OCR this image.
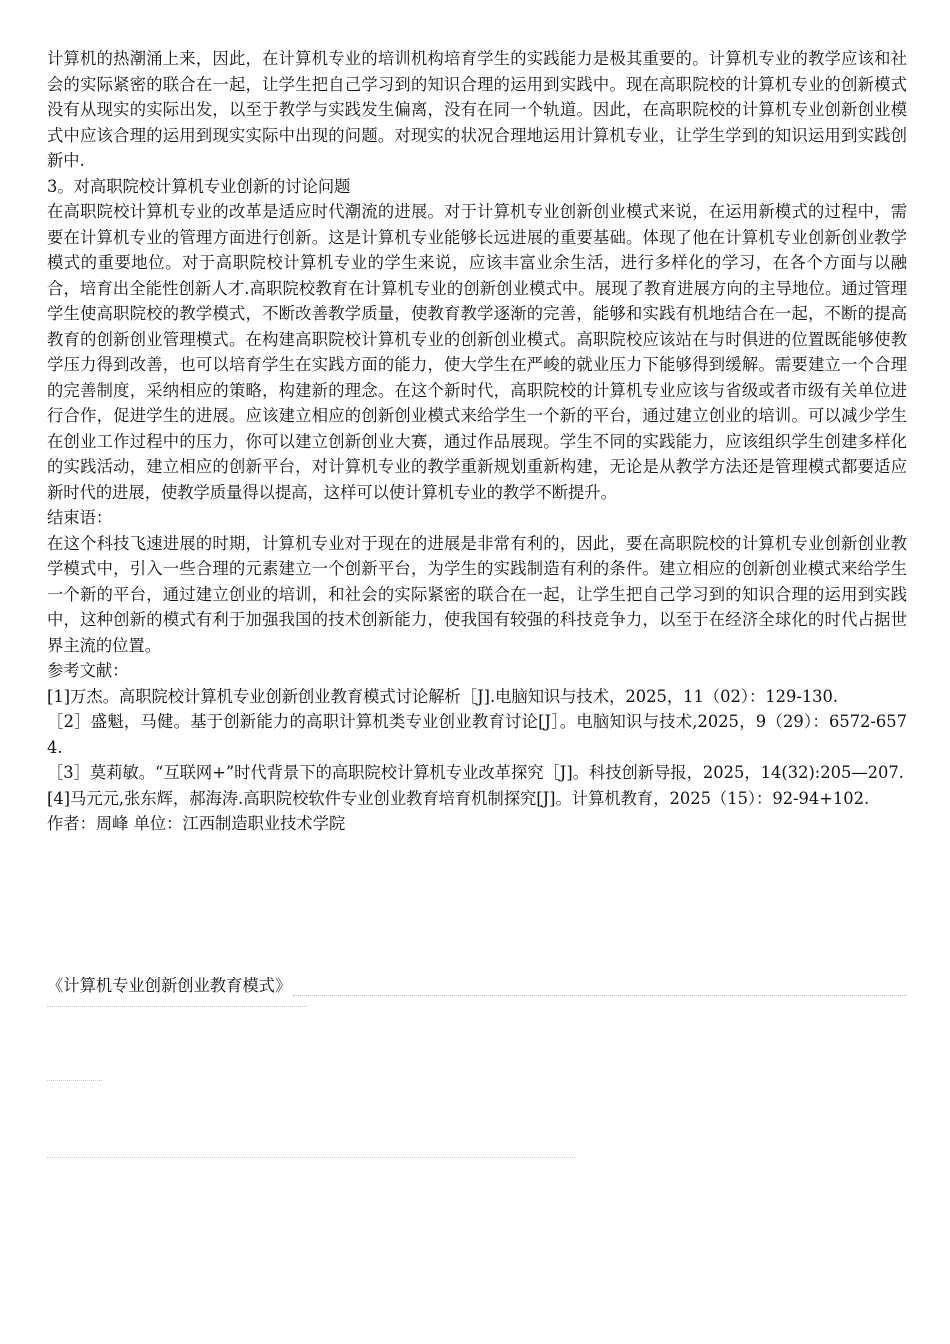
计算机的热潮涌上来，因此，在计算机专业的培训机构培育学生的实践能力是极其重要的。计算机专业的教学应该和社会的实际紧密的联合在一起，让学生把自己学习到的知识合理的运用到实践中。现在高职院校的计算机专业的创新模式没有从现实的实际出发，以至于教学与实践发生偏离，没有在同一个轨道。因此，在高职院校的计算机专业创新创业模式中应该合理的运用到现实实际中出现的问题。对现实的状况合理地运用计算机专业，让学生学到的知识运用到实践创新中.

3。对高职院校计算机专业创新的讨论问题

在高职院校计算机专业的改革是适应时代潮流的进展。对于计算机专业创新创业模式来说，在运用新模式的过程中，需要在计算机专业的管理方面进行创新。这是计算机专业能够长远进展的重要基础。体现了他在计算机专业创新创业教学模式的重要地位。对于高职院校计算机专业的学生来说，应该丰富业余生活，进行多样化的学习，在各个方面与以融合，培育出全能性创新人才.高职院校教育在计算机专业的创新创业模式中。展现了教育进展方向的主导地位。通过管理学生使高职院校的教学模式，不断改善教学质量，使教育教学逐渐的完善，能够和实践有机地结合在一起，不断的提高教育的创新创业管理模式。在构建高职院校计算机专业的创新创业模式。高职院校应该站在与时俱进的位置既能够使教学压力得到改善，也可以培育学生在实践方面的能力，使大学生在严峻的就业压力下能够得到缓解。需要建立一个合理的完善制度，采纳相应的策略，构建新的理念。在这个新时代，高职院校的计算机专业应该与省级或者市级有关单位进行合作，促进学生的进展。应该建立相应的创新创业模式来给学生一个新的平台，通过建立创业的培训。可以减少学生在创业工作过程中的压力，你可以建立创新创业大赛，通过作品展现。学生不同的实践能力，应该组织学生创建多样化的实践活动，建立相应的创新平台，对计算机专业的教学重新规划重新构建，无论是从教学方法还是管理模式都要适应新时代的进展，使教学质量得以提高，这样可以使计算机专业的教学不断提升。

结束语：

在这个科技飞速进展的时期，计算机专业对于现在的进展是非常有利的，因此，要在高职院校的计算机专业创新创业教学模式中，引入一些合理的元素建立一个创新平台，为学生的实践制造有利的条件。建立相应的创新创业模式来给学生一个新的平台，通过建立创业的培训，和社会的实际紧密的联合在一起，让学生把自己学习到的知识合理的运用到实践中，这种创新的模式有利于加强我国的技术创新能力，使我国有较强的科技竞争力，以至于在经济全球化的时代占据世界主流的位置。

参考文献：

[1]万杰。高职院校计算机专业创新创业教育模式讨论解析［J].电脑知识与技术，2025，11（02）：129-130.

［2］盛魁，马健。基于创新能力的高职计算机类专业创业教育讨论[J］。电脑知识与技术,2025，9（29）：6572-6574.

［3］莫莉敏。“互联网+”时代背景下的高职院校计算机专业改革探究［J]。科技创新导报，2025，14(32):205—207.

[4]马元元,张东辉，郝海涛.高职院校软件专业创业教育培育机制探究[J]。计算机教育，2025（15）：92-94+102.

作者：周峰 单位：江西制造职业技术学院

《计算机专业创新创业教育模式》
